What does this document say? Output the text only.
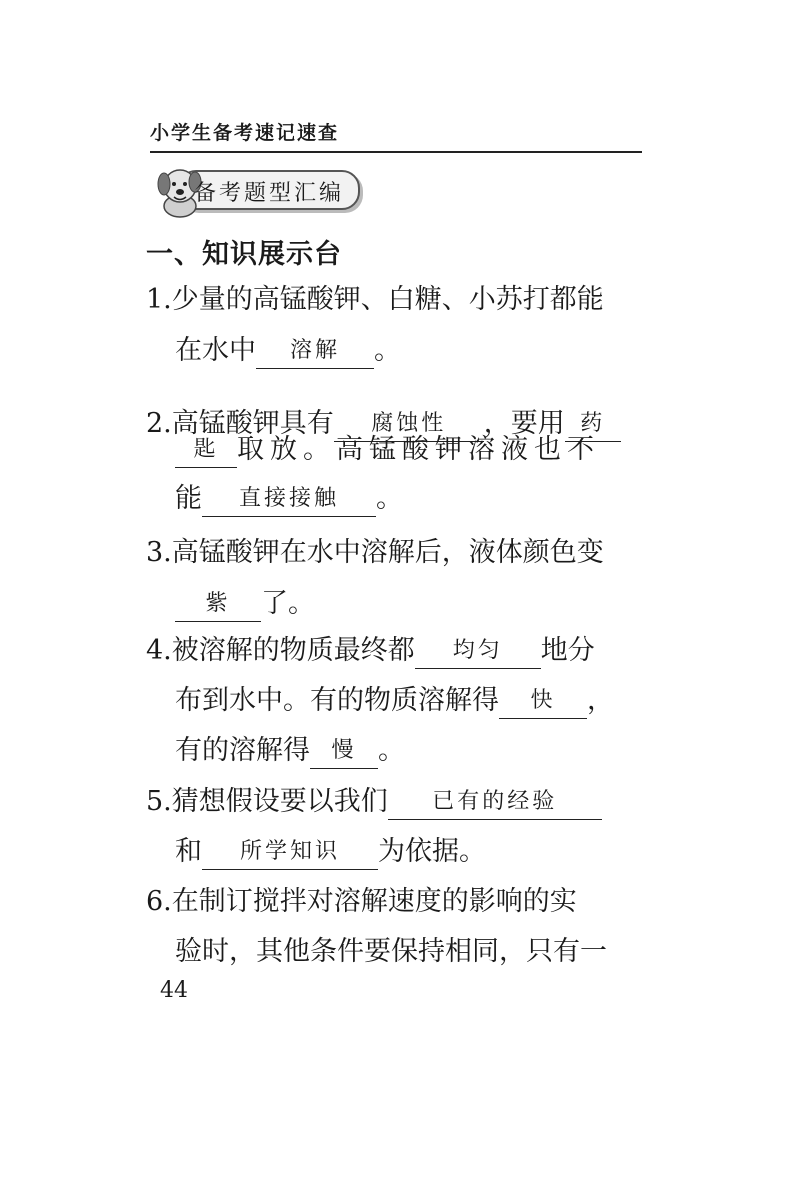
小学生备考速记速查
备考题型汇编
一、知识展示台
1.少量的高锰酸钾、白糖、小苏打都能
在水中 溶解 。
2.高锰酸钾具有 腐蚀性 ，要用 药
匙 取放。高锰酸钾溶液也不
能 直接接触 。
3.高锰酸钾在水中溶解后，液体颜色变
紫 了。
4.被溶解的物质最终都 均匀 地分
布到水中。有的物质溶解得 快 ，
有的溶解得 慢 。
5.猜想假设要以我们 已有的经验
和 所学知识 为依据。
6.在制订搅拌对溶解速度的影响的实
验时，其他条件要保持相同，只有一
44
